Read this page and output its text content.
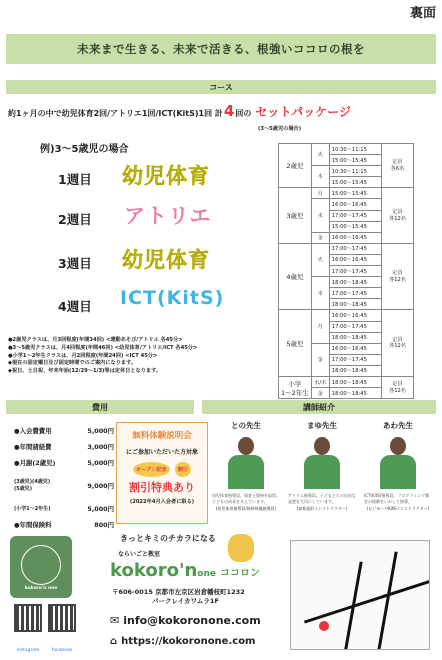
裏面
未来まで生きる、未来で活きる、根強いココロの根を
コース
約1ヶ月の中で幼児体育2回/アトリエ1回/ICT(KitS)1回 計4回の セットパッケージ
(3〜5歳児の場合)
例)3〜5歳児の場合
1週目 幼児体育
2週目 アトリエ
3週目 幼児体育
4週目 ICT(KitS)
2歳児	火	10:30〜11:15	定員
各6名
		15:00〜15:45	
	木	10:30〜11:15	
		15:00〜15:45	
3歳児	月	15:00〜15:45	定員
各12名
	水	16:00〜16:45	
		17:00〜17:45	
		15:00〜15:45	
	金	16:00〜16:45	
4歳児	火	17:00〜17:45	定員
各12名
		16:00〜16:45	
		17:00〜17:45	
	木	18:00〜18:45	
		17:00〜17:45	
		18:00〜18:45	
5歳児	月	16:00〜16:45	定員
各12名
		17:00〜17:45	
		18:00〜18:45	
	金	16:00〜16:45	
		17:00〜17:45	
		18:00〜18:45	
小学
1〜2年生	水/木	18:00〜18:45	定員
各12名
	金	18:00〜18:45	
●2歳児クラスは、月3回程度(年間34回) <運動あそび/アトリエ 各45分>
●3〜5歳児クラスは、月4回程度(年間46回) <幼児体育/アトリエ/ICT 各45分>
●小学1〜2年生クラスは、月2回程度(年間24回) <ICT 45分>
◆現在の固定曜日及び固定時間でのご案内になります。
◆祝日、土日祝、年末年始(12/29〜1/3)等は定休日となります。
費用	講師紹介
●入会費費用	5,000円
●年間諸経費	3,000円
●月謝(2歳児)	5,000円
(3歳児)(4歳児)(5歳児)	9,000円
(小学1〜2年生)	5,000円
●年間保険料	800円
無料体験説明会
にご参加いただいた方対象
オープン記念 割引
割引特典あり
(2022年4月入会者に限る)
との先生
幼児体育指導員。保育士資格を取得。子どもの成長を支えています。
(幼児体育指導員/体幹体操指導員)
まゆ先生
アトリエ指導員。子どもたちの自由な発想を大切にしています。
(知育造形インストラクター)
あわ先生
ICT(KitS)指導員。プログラミング教室の経験をいかして指導。
(ビジモーヤKitSインストラクター)
kokoro'n one
きっとキミのチカラになる
ならいごと教室
kokoro'none ココロン
〒606-0015 京都市左京区岩倉幡枝町1232
パークレイカワムラ1F
✉ info@kokoronone.com
⌂ https://kokoronone.com
Instagram	facebook
